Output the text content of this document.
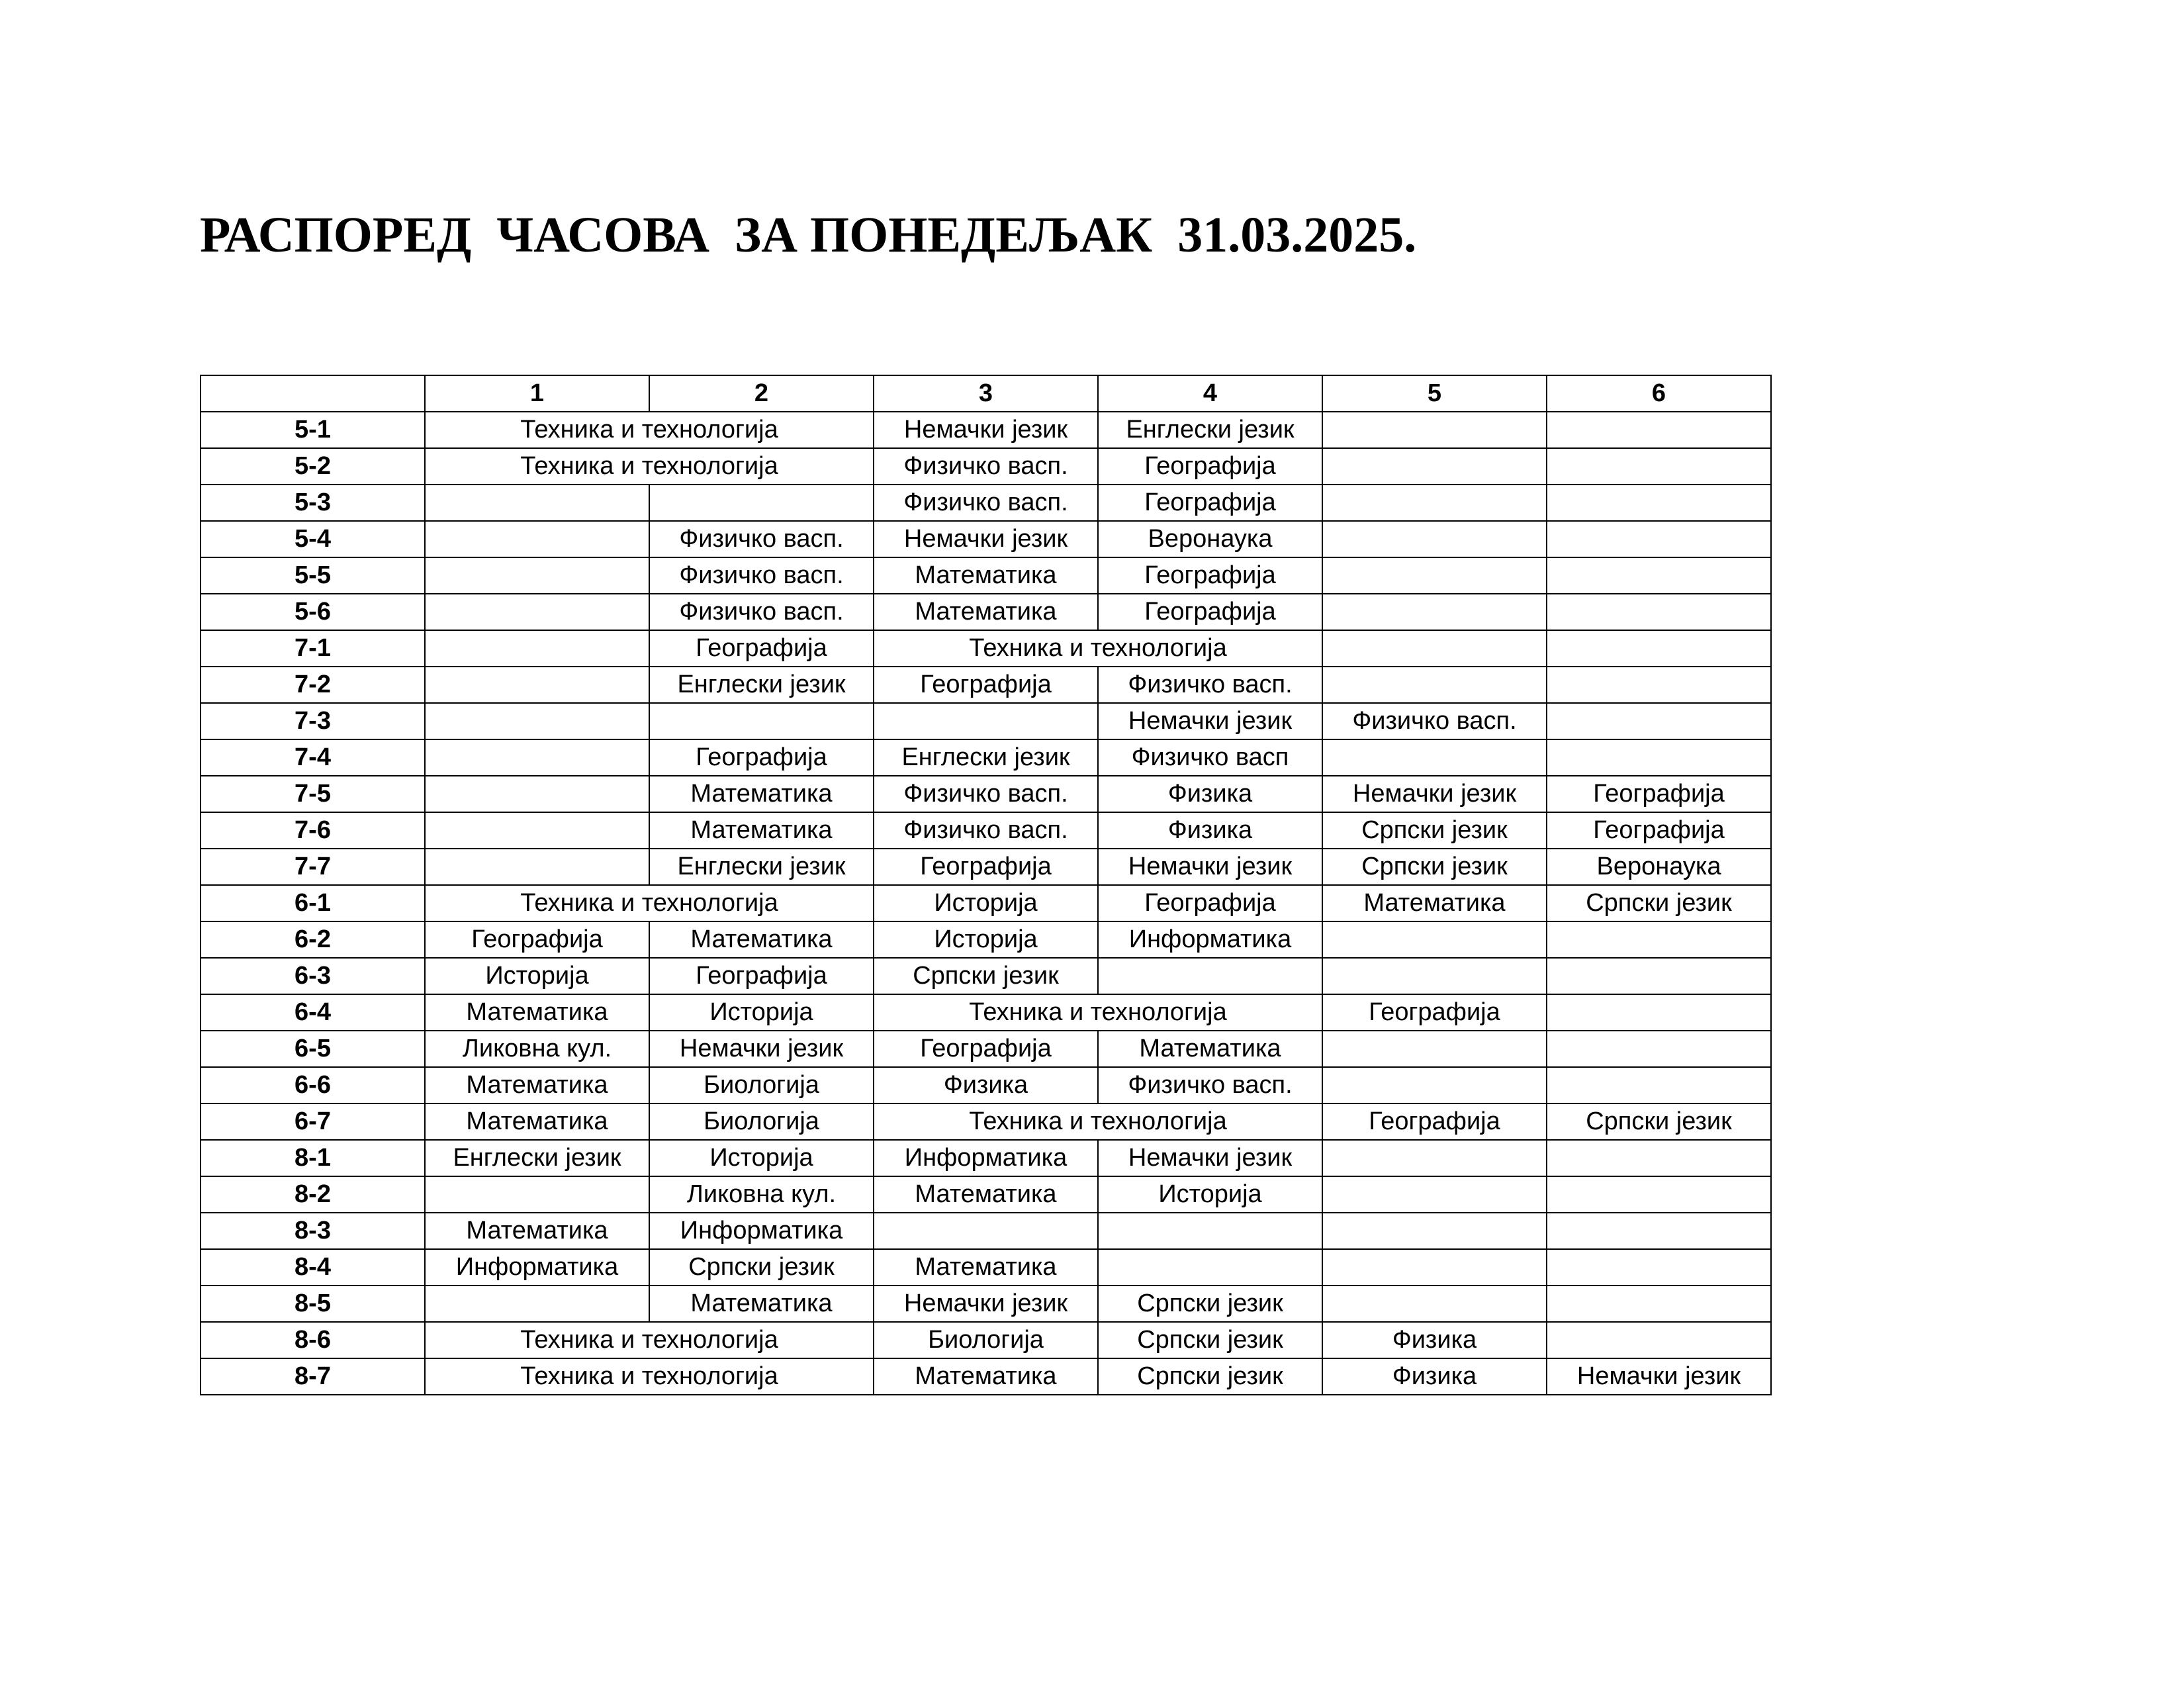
РАСПОРЕД  ЧАСОВА  ЗА ПОНЕДЕЉАК  31.03.2025.
	1	2	3	4	5	6
5-1	Техника и технологија		Немачки језик	Енглески језик		
5-2	Техника и технологија		Физичко васп.	Географија		
5-3			Физичко васп.	Географија		
5-4		Физичко васп.	Немачки језик	Веронаука		
5-5		Физичко васп.	Математика	Географија		
5-6		Физичко васп.	Математика	Географија		
7-1		Географија	Техника и технологија			
7-2		Енглески језик	Географија	Физичко васп.		
7-3				Немачки језик	Физичко васп.	
7-4		Географија	Енглески језик	Физичко васп		
7-5		Математика	Физичко васп.	Физика	Немачки језик	Географија
7-6		Математика	Физичко васп.	Физика	Српски језик	Географија
7-7		Енглески језик	Географија	Немачки језик	Српски језик	Веронаука
6-1	Техника и технологија		Историја	Географија	Математика	Српски језик
6-2	Географија	Математика	Историја	Информатика		
6-3	Историја	Географија	Српски језик			
6-4	Математика	Историја	Техника и технологија		Географија	
6-5	Ликовна кул.	Немачки језик	Географија	Математика		
6-6	Математика	Биологија	Физика	Физичко васп.		
6-7	Математика	Биологија	Техника и технологија		Географија	Српски језик
8-1	Енглески језик	Историја	Информатика	Немачки језик		
8-2		Ликовна кул.	Математика	Историја		
8-3	Математика	Информатика				
8-4	Информатика	Српски језик	Математика			
8-5		Математика	Немачки језик	Српски језик		
8-6	Техника и технологија		Биологија	Српски језик	Физика	
8-7	Техника и технологија		Математика	Српски језик	Физика	Немачки језик
